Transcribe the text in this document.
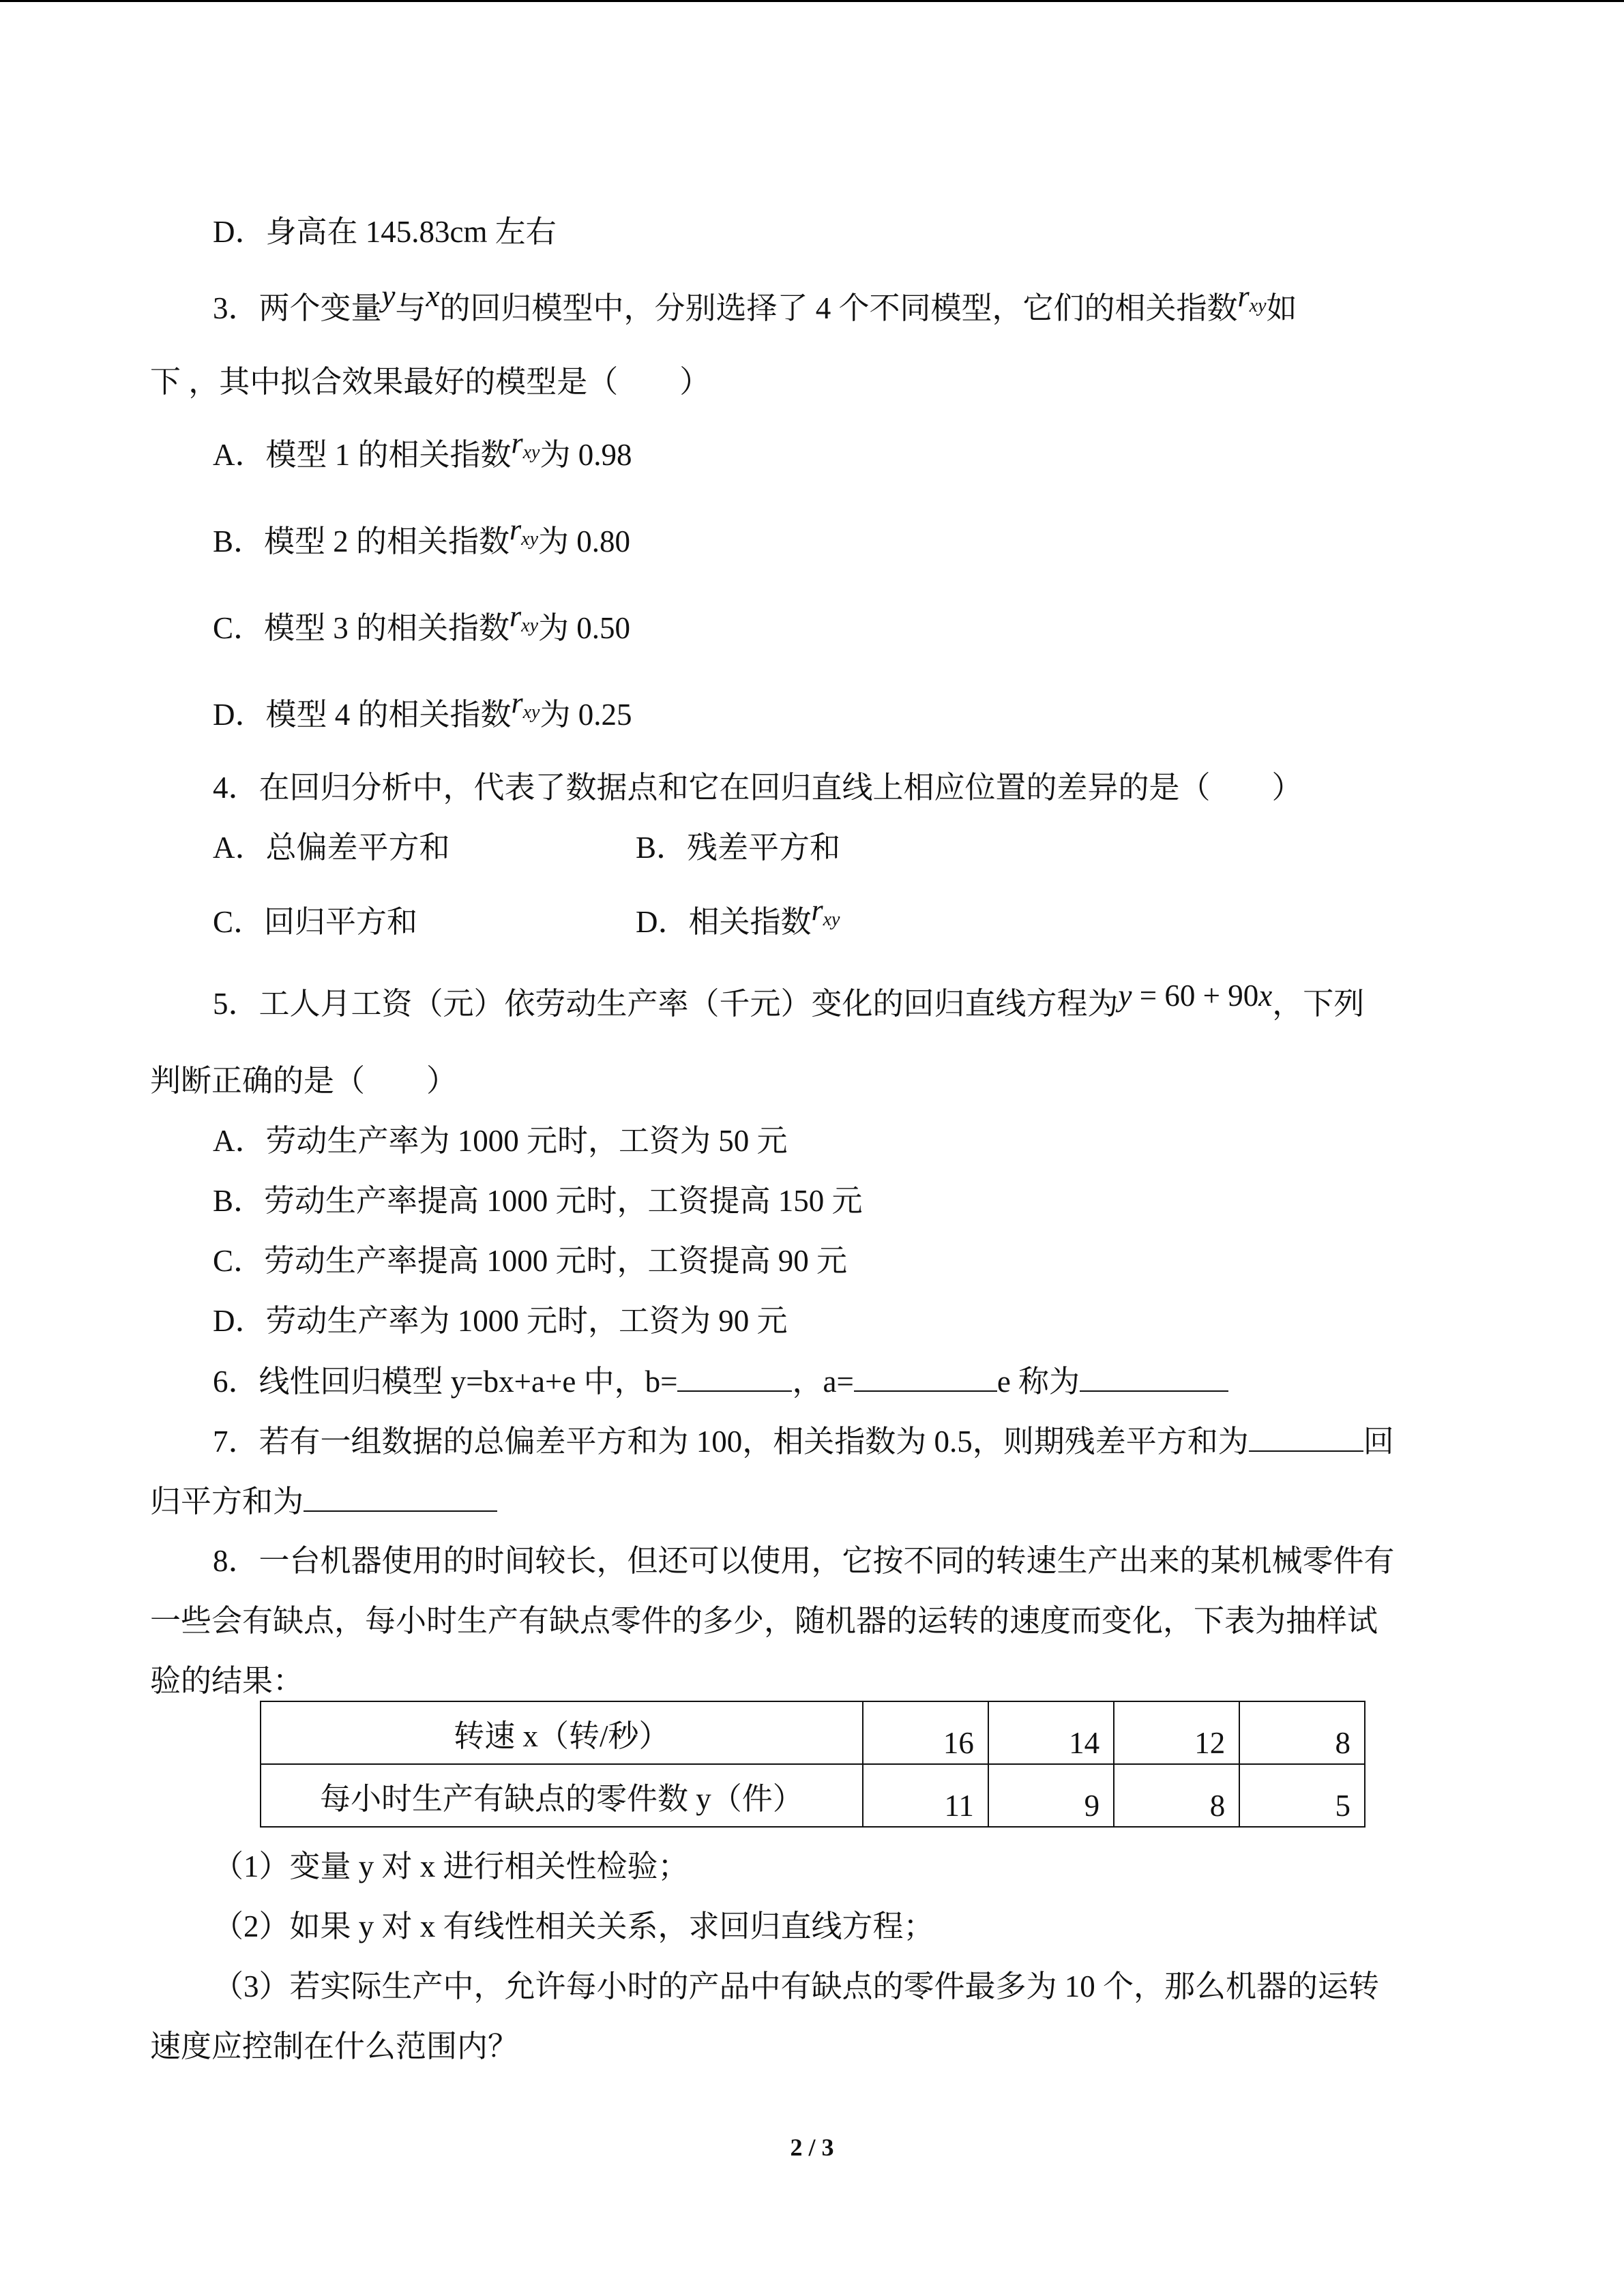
D．身高在 145.83cm 左右
3．两个变量y与x的回归模型中，分别选择了 4 个不同模型，它们的相关指数rxy如
下 ，其中拟合效果最好的模型是（　　）
A．模型 1 的相关指数rxy为 0.98
B．模型 2 的相关指数rxy为 0.80
C．模型 3 的相关指数rxy为 0.50
D．模型 4 的相关指数rxy为 0.25
4．在回归分析中，代表了数据点和它在回归直线上相应位置的差异的是（　　）
A．总偏差平方和	B．残差平方和
C．回归平方和	D．相关指数rxy
5．工人月工资（元）依劳动生产率（千元）变化的回归直线方程为y = 60 + 90x，下列
判断正确的是（　　）
A．劳动生产率为 1000 元时，工资为 50 元
B．劳动生产率提高 1000 元时，工资提高 150 元
C．劳动生产率提高 1000 元时，工资提高 90 元
D．劳动生产率为 1000 元时，工资为 90 元
6．线性回归模型 y=bx+a+e 中，b=	，a=	e 称为
7．若有一组数据的总偏差平方和为 100，相关指数为 0.5，则期残差平方和为	回
归平方和为
8．一台机器使用的时间较长，但还可以使用，它按不同的转速生产出来的某机械零件有
一些会有缺点，每小时生产有缺点零件的多少，随机器的运转的速度而变化，下表为抽样试
验的结果：
转速 x（转/秒）	16	14	12	8
每小时生产有缺点的零件数 y（件）	11	9	8	5
（1）变量 y 对 x 进行相关性检验；
（2）如果 y 对 x 有线性相关关系，求回归直线方程；
（3）若实际生产中，允许每小时的产品中有缺点的零件最多为 10 个，那么机器的运转
速度应控制在什么范围内？
2 / 3
